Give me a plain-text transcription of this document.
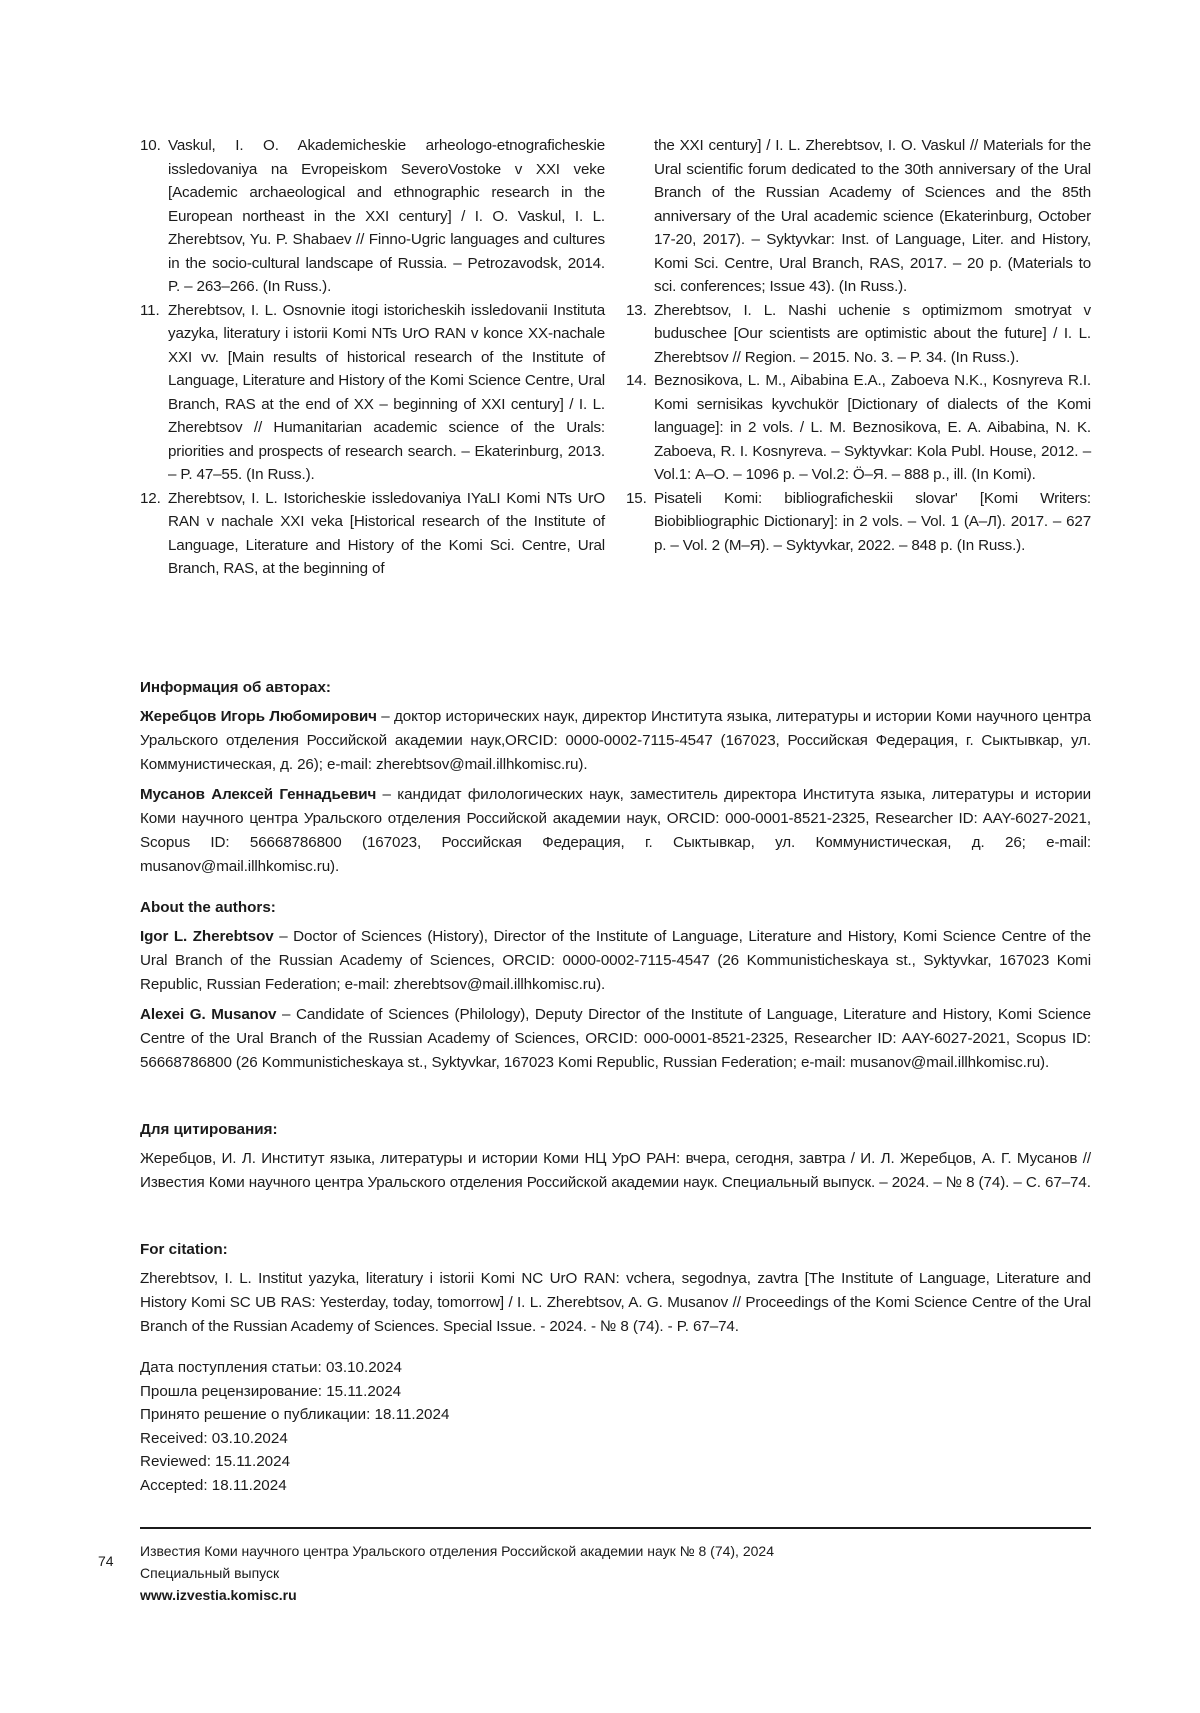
10. Vaskul, I. O. Akademicheskie arheologo-etnograficheskie issledovaniya na Evropeiskom SeveroVostoke v XXI veke [Academic archaeological and ethnographic research in the European northeast in the XXI century] / I. O. Vaskul, I. L. Zherebtsov, Yu. P. Shabaev // Finno-Ugric languages and cultures in the socio-cultural landscape of Russia. – Petrozavodsk, 2014. P. – 263–266. (In Russ.).
11. Zherebtsov, I. L. Osnovnie itogi istoricheskih issledovanii Instituta yazyka, literatury i istorii Komi NTs UrO RAN v konce XX-nachale XXI vv. [Main results of historical research of the Institute of Language, Literature and History of the Komi Science Centre, Ural Branch, RAS at the end of XX – beginning of XXI century] / I. L. Zherebtsov // Humanitarian academic science of the Urals: priorities and prospects of research search. – Ekaterinburg, 2013. – P. 47–55. (In Russ.).
12. Zherebtsov, I. L. Istoricheskie issledovaniya IYaLI Komi NTs UrO RAN v nachale XXI veka [Historical research of the Institute of Language, Literature and History of the Komi Sci. Centre, Ural Branch, RAS, at the beginning of
the XXI century] / I. L. Zherebtsov, I. O. Vaskul // Materials for the Ural scientific forum dedicated to the 30th anniversary of the Ural Branch of the Russian Academy of Sciences and the 85th anniversary of the Ural academic science (Ekaterinburg, October 17-20, 2017). – Syktyvkar: Inst. of Language, Liter. and History, Komi Sci. Centre, Ural Branch, RAS, 2017. – 20 p. (Materials to sci. conferences; Issue 43). (In Russ.).
13. Zherebtsov, I. L. Nashi uchenie s optimizmom smotryat v buduschee [Our scientists are optimistic about the future] / I. L. Zherebtsov // Region. – 2015. No. 3. – P. 34. (In Russ.).
14. Beznosikova, L. M., Aibabina E.A., Zaboeva N.K., Kosnyreva R.I. Komi sernisikas kyvchukör [Dictionary of dialects of the Komi language]: in 2 vols. / L. M. Beznosikova, E. A. Aibabina, N. K. Zaboeva, R. I. Kosnyreva. – Syktyvkar: Kola Publ. House, 2012. – Vol.1: А–О. – 1096 p. – Vol.2: Ӧ–Я. – 888 p., ill. (In Komi).
15. Pisateli Komi: bibliograficheskii slovar' [Komi Writers: Biobibliographic Dictionary]: in 2 vols. – Vol. 1 (А–Л). 2017. – 627 p. – Vol. 2 (М–Я). – Syktyvkar, 2022. – 848 p. (In Russ.).
Информация об авторах:

Жеребцов Игорь Любомирович – доктор исторических наук, директор Института языка, литературы и истории Коми научного центра Уральского отделения Российской академии наук,ORCID: 0000-0002-7115-4547 (167023, Российская Федерация, г. Сыктывкар, ул. Коммунистическая, д. 26); e-mail: zherebtsov@mail.illhkomisc.ru).

Мусанов Алексей Геннадьевич – кандидат филологических наук, заместитель директора Института языка, литературы и истории Коми научного центра Уральского отделения Российской академии наук, ORCID: 000-0001-8521-2325, Researcher ID: AAY-6027-2021, Scopus ID: 56668786800 (167023, Российская Федерация, г. Сыктывкар, ул. Коммунистическая, д. 26; e-mail: musanov@mail.illhkomisc.ru).

About the authors:

Igor L. Zherebtsov – Doctor of Sciences (History), Director of the Institute of Language, Literature and History, Komi Science Centre of the Ural Branch of the Russian Academy of Sciences, ORCID: 0000-0002-7115-4547 (26 Kommunisticheskaya st., Syktyvkar, 167023 Komi Republic, Russian Federation; e-mail: zherebtsov@mail.illhkomisc.ru).

Alexei G. Musanov – Candidate of Sciences (Philology), Deputy Director of the Institute of Language, Literature and History, Komi Science Centre of the Ural Branch of the Russian Academy of Sciences, ORCID: 000-0001-8521-2325, Researcher ID: AAY-6027-2021, Scopus ID: 56668786800 (26 Kommunisticheskaya st., Syktyvkar, 167023 Komi Republic, Russian Federation; e-mail: musanov@mail.illhkomisc.ru).

Для цитирования:

Жеребцов, И. Л. Институт языка, литературы и истории Коми НЦ УрО РАН: вчера, сегодня, завтра / И. Л. Жеребцов, А. Г. Мусанов // Известия Коми научного центра Уральского отделения Российской академии наук. Специальный выпуск. – 2024. – № 8 (74). – С. 67–74.

For citation:

Zherebtsov, I. L. Institut yazyka, literatury i istorii Komi NC UrO RAN: vchera, segodnya, zavtra [The Institute of Language, Literature and History Komi SC UB RAS: Yesterday, today, tomorrow] / I. L. Zherebtsov, A. G. Musanov // Proceedings of the Komi Science Centre of the Ural Branch of the Russian Academy of Sciences. Special Issue. - 2024. - № 8 (74). - P. 67–74.

Дата поступления статьи: 03.10.2024
Прошла рецензирование: 15.11.2024
Принято решение о публикации: 18.11.2024
Received: 03.10.2024
Reviewed: 15.11.2024
Accepted: 18.11.2024
74
Известия Коми научного центра Уральского отделения Российской академии наук № 8 (74), 2024
Специальный выпуск
www.izvestia.komisc.ru
